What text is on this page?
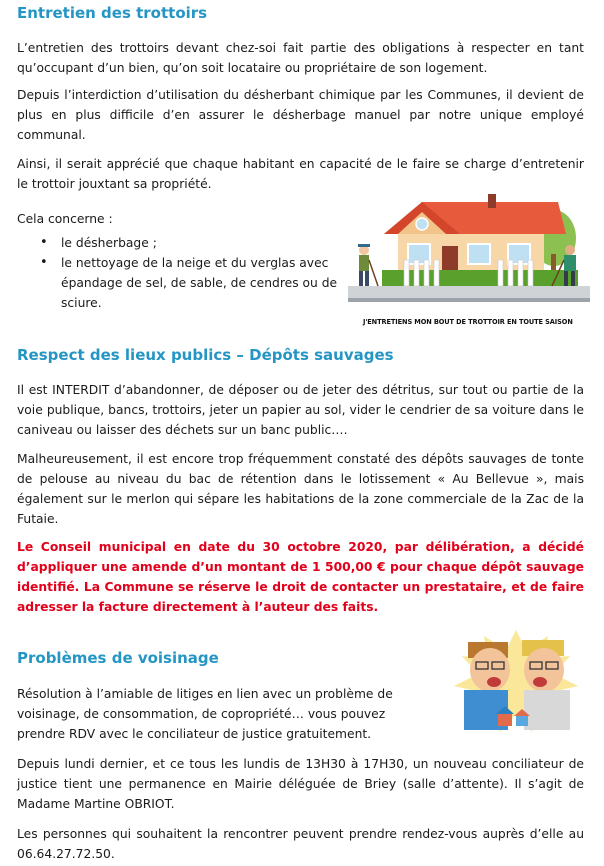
Entretien des trottoirs

L’entretien des trottoirs devant chez-soi fait partie des obligations à respecter en tant qu’occupant d’un bien, qu’on soit locataire ou propriétaire de son logement.

Depuis l’interdiction d’utilisation du désherbant chimique par les Communes, il devient de plus en plus difficile d’en assurer le désherbage manuel par notre unique employé communal.

Ainsi, il serait apprécié que chaque habitant en capacité de le faire se charge d’entretenir le trottoir jouxtant sa propriété.

Cela concerne :

• le désherbage ;
• le nettoyage de la neige et du verglas avec épandage de sel, de sable, de cendres ou de sciure.
J'ENTRETIENS MON BOUT DE TROTTOIR EN TOUTE SAISON
Respect des lieux publics – Dépôts sauvages

Il est INTERDIT d’abandonner, de déposer ou de jeter des détritus, sur tout ou partie de la voie publique, bancs, trottoirs, jeter un papier au sol, vider le cendrier de sa voiture dans le caniveau ou laisser des déchets sur un banc public….

Malheureusement, il est encore trop fréquemment constaté des dépôts sauvages de tonte de pelouse au niveau du bac de rétention dans le lotissement « Au Bellevue », mais également sur le merlon qui sépare les habitations de la zone commerciale de la Zac de la Futaie.

Le Conseil municipal en date du 30 octobre 2020, par délibération, a décidé d’appliquer une amende d’un montant de 1 500,00 € pour chaque dépôt sauvage identifié. La Commune se réserve le droit de contacter un prestataire, et de faire adresser la facture directement à l’auteur des faits.

Problèmes de voisinage

Résolution à l’amiable de litiges en lien avec un problème de voisinage, de consommation, de copropriété… vous pouvez prendre RDV avec le conciliateur de justice gratuitement.

Depuis lundi dernier, et ce tous les lundis de 13H30 à 17H30, un nouveau conciliateur de justice tient une permanence en Mairie déléguée de Briey (salle d’attente). Il s’agit de Madame Martine OBRIOT.

Les personnes qui souhaitent la rencontrer peuvent prendre rendez-vous auprès d’elle au 06.64.27.72.50.
